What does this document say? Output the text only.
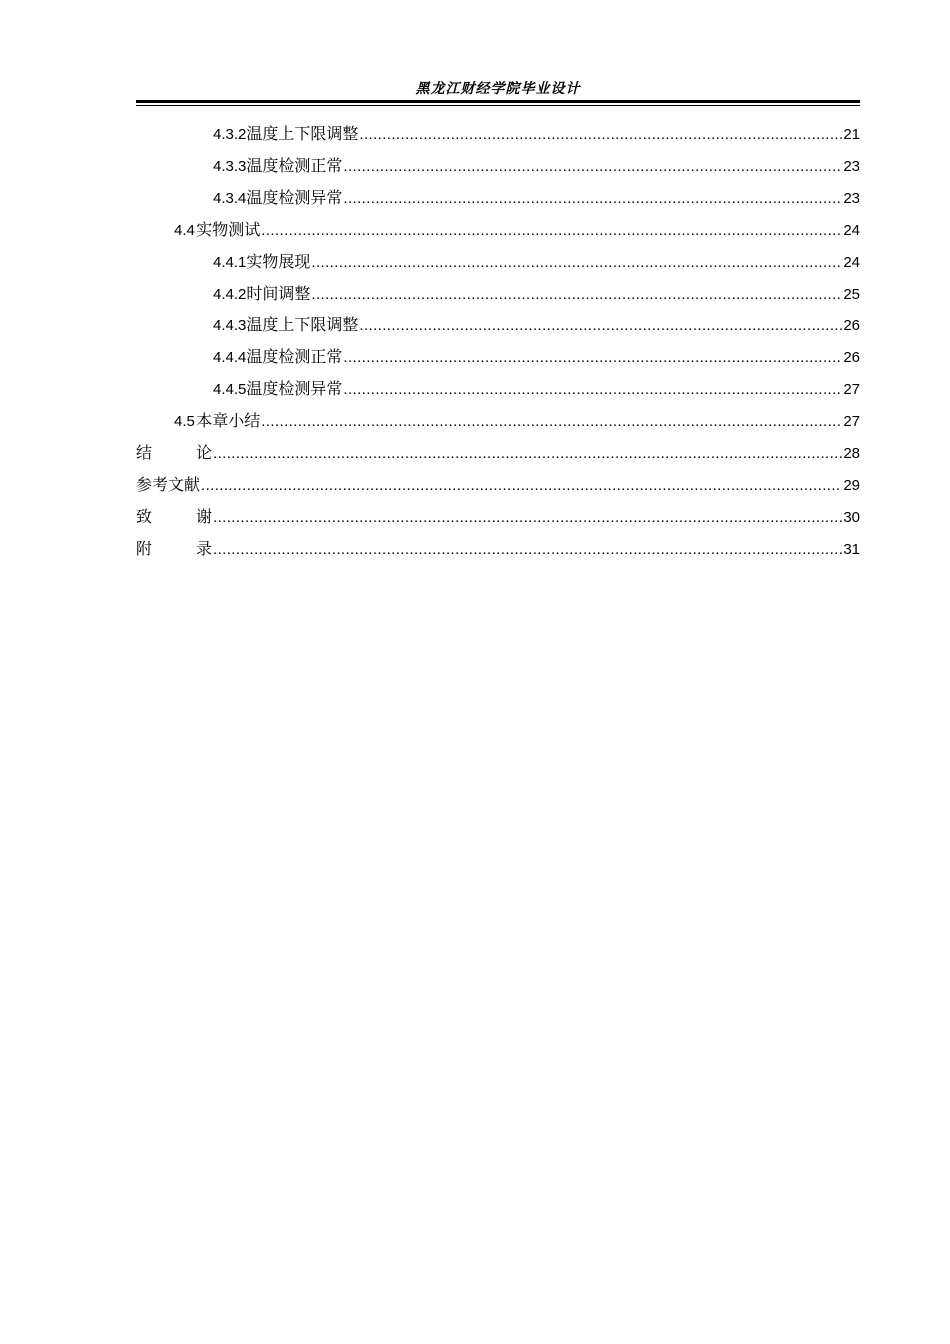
黑龙江财经学院毕业设计
4.3.2 温度上下限调整 .....	21
4.3.3 温度检测正常 .....	23
4.3.4 温度检测异常 .....	23
4.4 实物测试 .....	24
4.4.1 实物展现 .....	24
4.4.2 时间调整 .....	25
4.4.3 温度上下限调整 .....	26
4.4.4 温度检测正常 .....	26
4.4.5 温度检测异常 .....	27
4.5 本章小结 .....	27
结论 .....	28
参考文献 .....	29
致谢 .....	30
附录 .....	31
